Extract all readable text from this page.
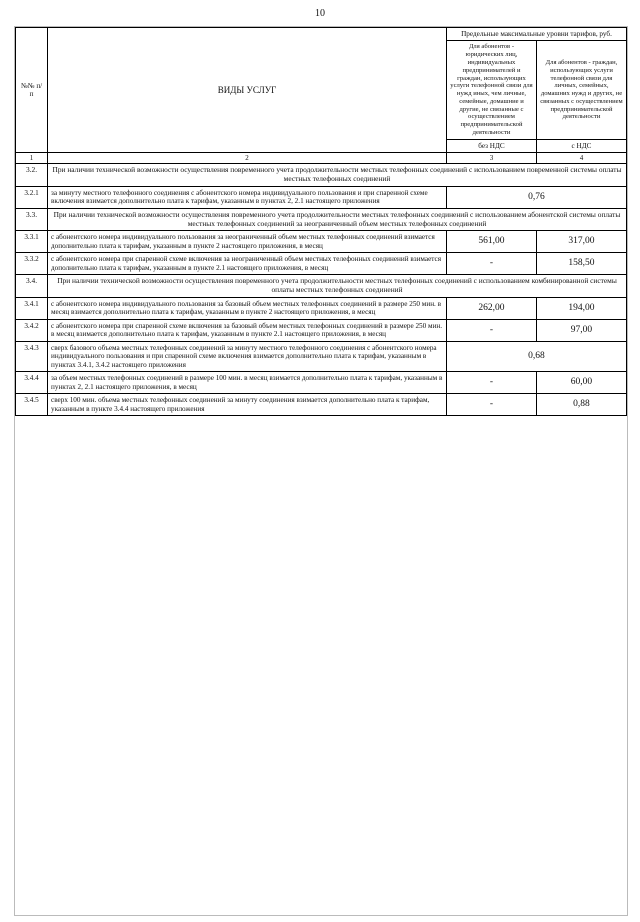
10
№№ п/п	ВИДЫ УСЛУГ	Предельные максимальные уровни тарифов, руб.	
		Для абонентов - юридических лиц, индивидуальных предпринимателей и граждан, использующих услуги телефонной связи для нужд иных, чем личные, семейные, домашние и другие, не связанные с осуществлением предпринимательской деятельности	Для абонентов - граждан, использующих услуги телефонной связи для личных, семейных, домашних нужд и других, не связанных с осуществлением предпринимательской деятельности
		без НДС	с НДС
1	2	3	4
3.2.	При наличии технической возможности осуществления повременного учета продолжительности местных телефонных соединений с использованием повременной системы оплаты местных телефонных соединений		
3.2.1	за минуту местного телефонного соединения с абонентского номера индивидуального пользования и при спаренной схеме включения взимается дополнительно плата к тарифам, указанным в пунктах 2, 2.1 настоящего приложения	0,76	
3.3.	При наличии технической возможности осуществления повременного учета продолжительности местных телефонных соединений с использованием абонентской системы оплаты местных телефонных соединений за неограниченный объем местных телефонных соединений		
3.3.1	с абонентского номера индивидуального пользования за неограниченный объем местных телефонных соединений взимается дополнительно плата к тарифам, указанным в пункте 2 настоящего приложения, в месяц	561,00	317,00
3.3.2	с абонентского номера при спаренной схеме включения за неограниченный объем местных телефонных соединений взимается дополнительно плата к тарифам, указанным в пункте 2.1 настоящего приложения, в месяц	-	158,50
3.4.	При наличии технической возможности осуществления повременного учета продолжительности местных телефонных соединений с использованием комбинированной системы оплаты местных телефонных соединений		
3.4.1	с абонентского номера индивидуального пользования за базовый объем местных телефонных соединений в размере 250 мин. в месяц взимается дополнительно плата к тарифам, указанным в пункте 2 настоящего приложения, в месяц	262,00	194,00
3.4.2	с абонентского номера при спаренной схеме включения за базовый объем местных телефонных соединений в размере 250 мин. в месяц взимается дополнительно плата к тарифам, указанным в пункте 2.1 настоящего приложения, в месяц	-	97,00
3.4.3	сверх базового объема местных телефонных соединений за минуту местного телефонного соединения с абонентского номера индивидуального пользования и при спаренной схеме включения взимается дополнительно плата к тарифам, указанным в пунктах 3.4.1, 3.4.2 настоящего приложения	0,68	
3.4.4	за объем местных телефонных соединений в размере 100 мин. в месяц взимается дополнительно плата к тарифам, указанным в пунктах 2, 2.1 настоящего приложения, в месяц	-	60,00
3.4.5	сверх 100 мин. объема местных телефонных соединений за минуту соединения взимается дополнительно плата к тарифам, указанным в пункте 3.4.4 настоящего приложения	-	0,88
